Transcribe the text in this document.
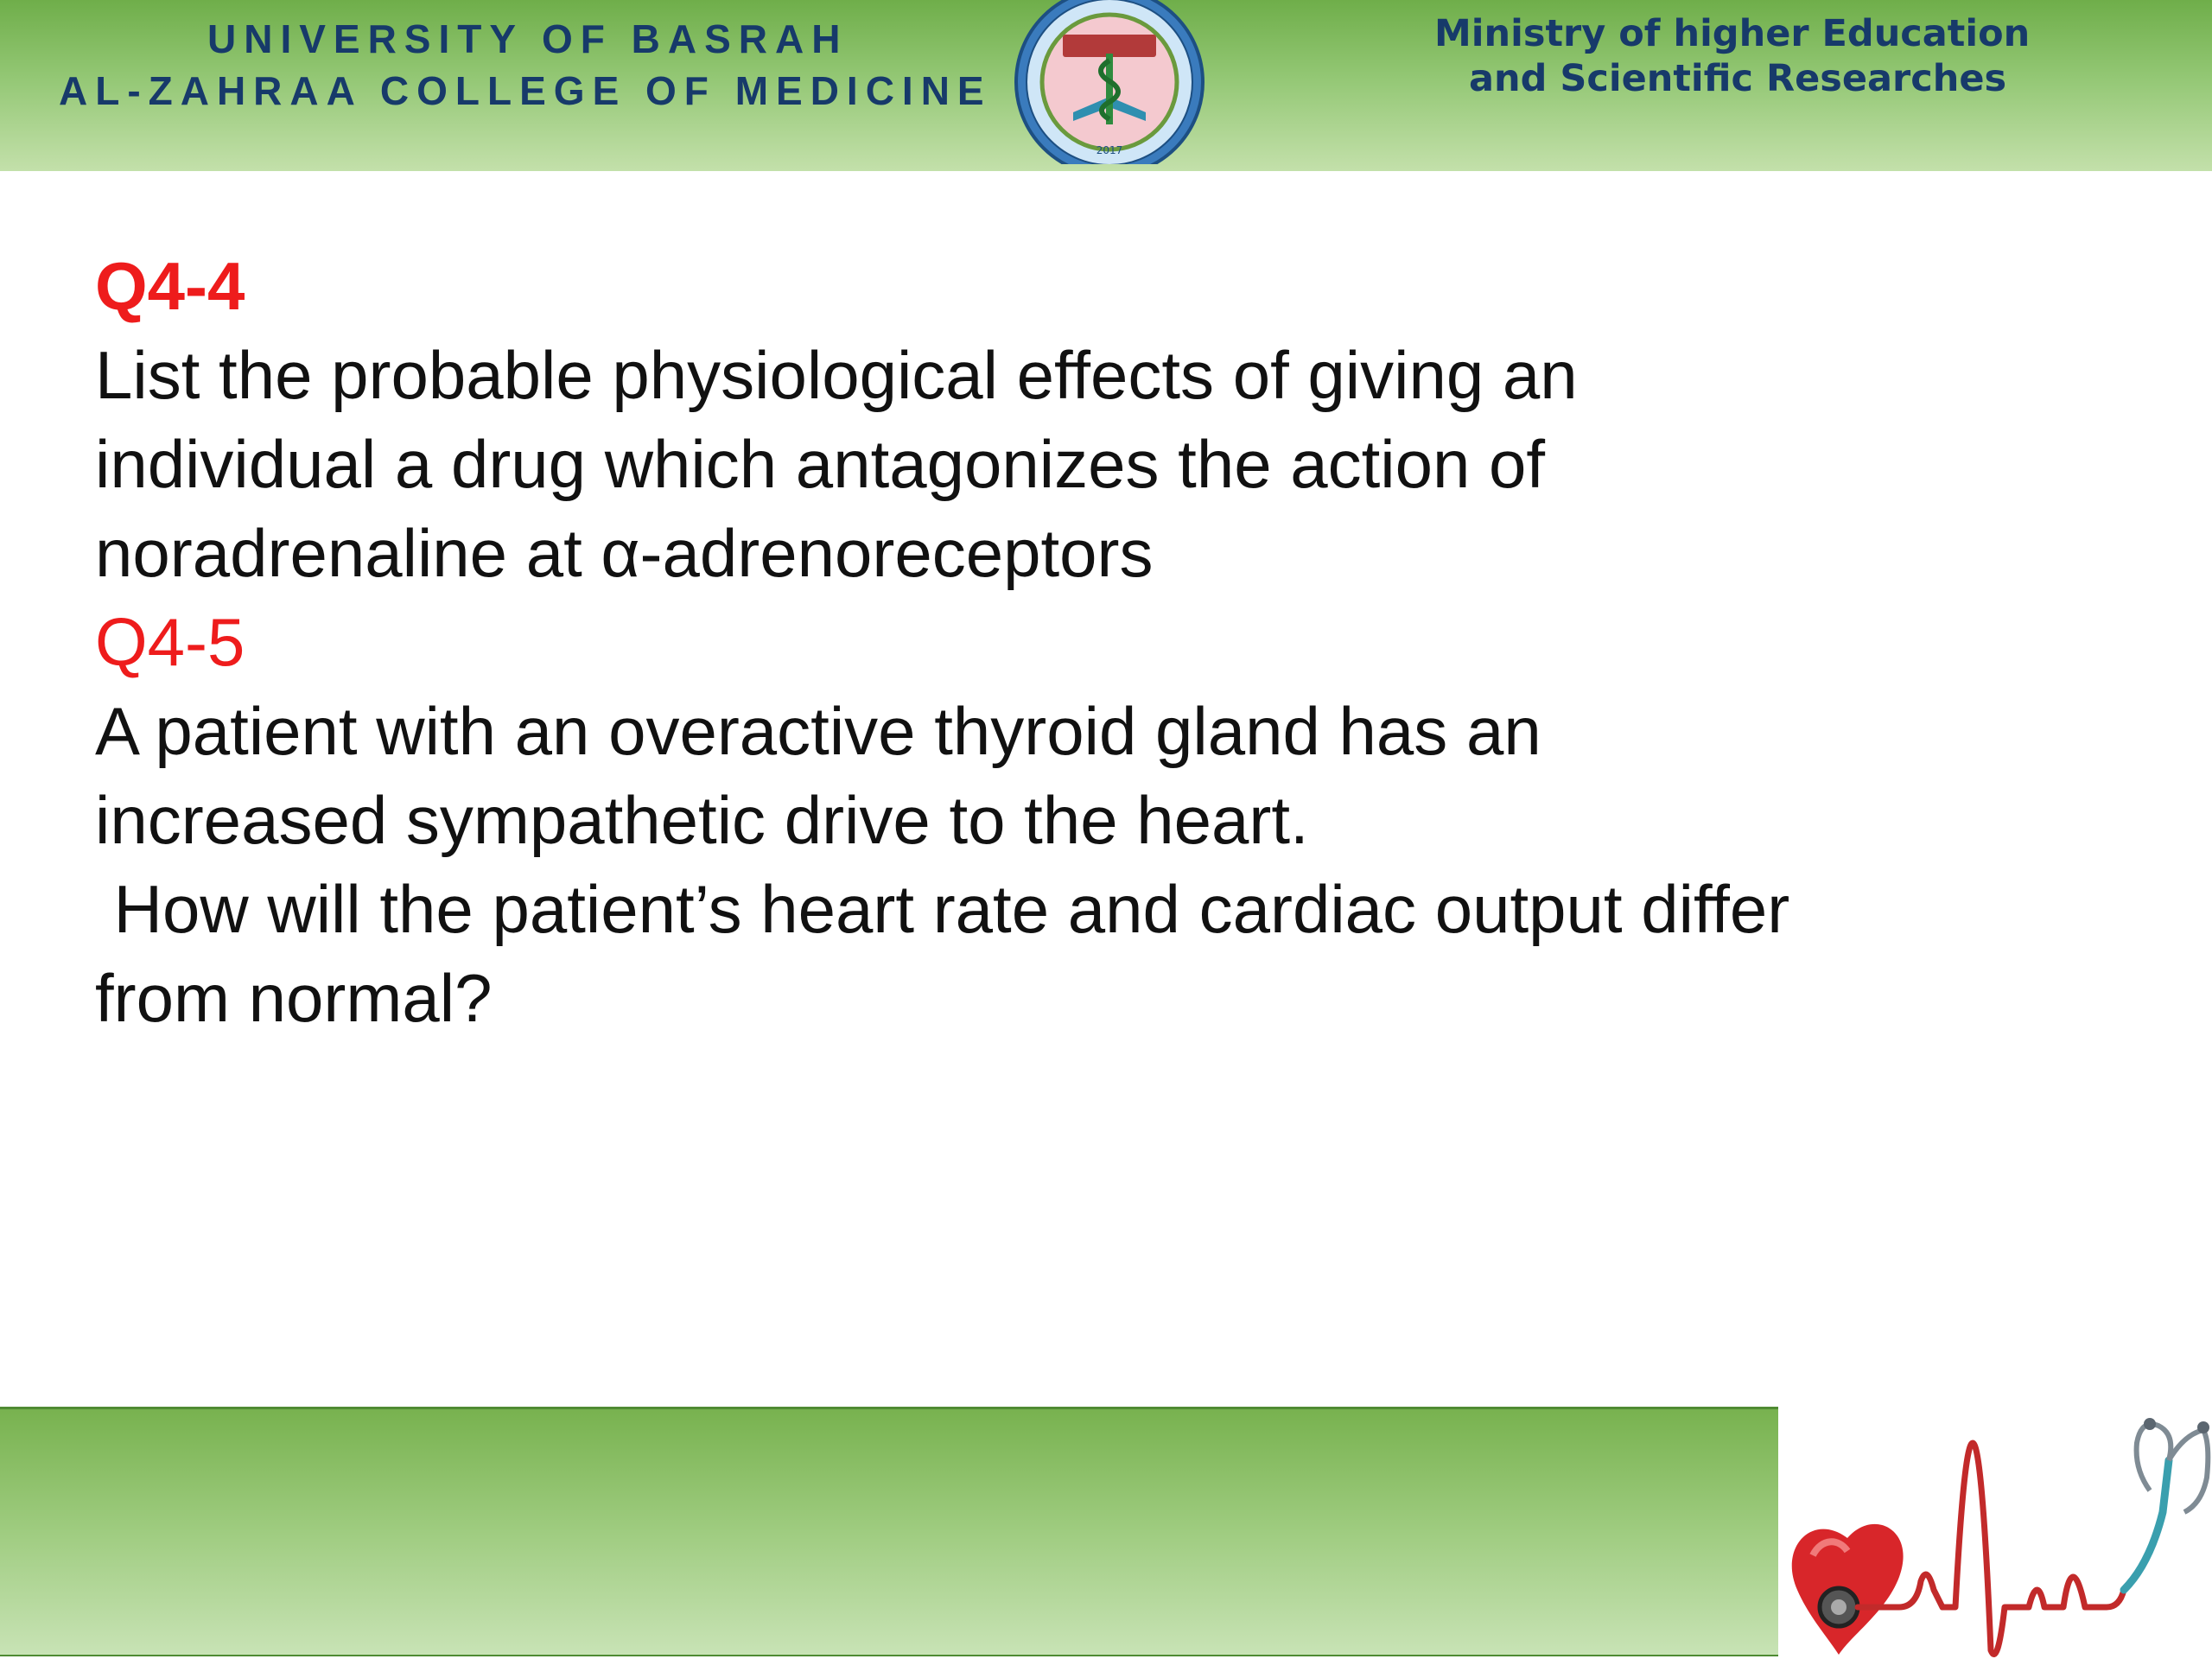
UNIVERSITY OF BASRAH
AL-ZAHRAA COLLEGE OF MEDICINE
2017
Ministry of higher Education
and Scientific Researches

Q4-4

List the probable physiological effects of giving an

individual a drug which antagonizes the action of

noradrenaline at α-adrenoreceptors

Q4-5

A patient with an overactive thyroid gland has an

increased sympathetic drive to the heart.

How will the patient’s heart rate and cardiac output differ

from normal?
